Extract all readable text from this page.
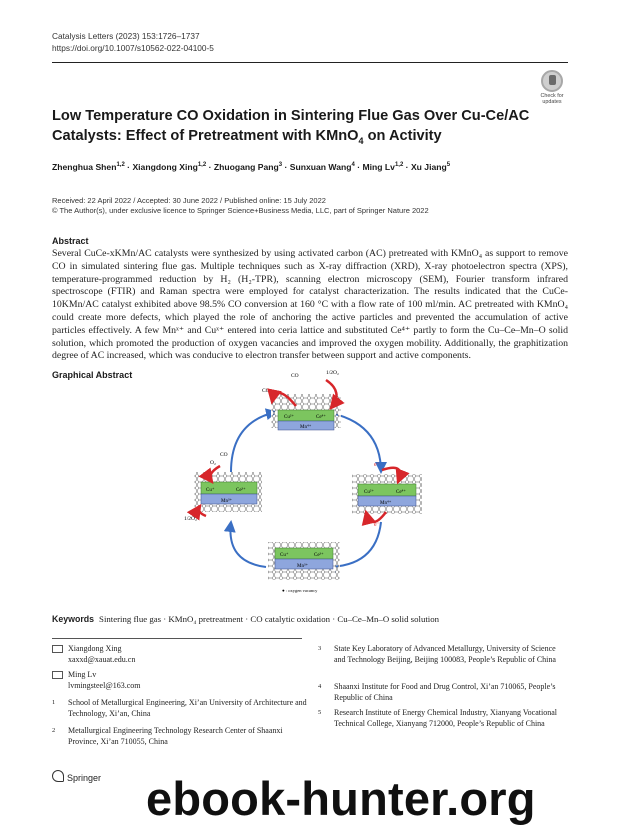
Catalysis Letters (2023) 153:1726–1737
https://doi.org/10.1007/s10562-022-04100-5
Check for updates
Low Temperature CO Oxidation in Sintering Flue Gas Over Cu-Ce/AC Catalysts: Effect of Pretreatment with KMnO$_4$ on Activity
Zhenghua Shen$^{1,2}$ · Xiangdong Xing$^{1,2}$ · Zhuogang Pang$^3$ · Sunxuan Wang$^4$ · Ming Lv$^{1,2}$ · Xu Jiang$^5$
Received: 22 April 2022 / Accepted: 30 June 2022 / Published online: 15 July 2022
© The Author(s), under exclusive licence to Springer Science+Business Media, LLC, part of Springer Nature 2022
Abstract
Several CuCe-xKMn/AC catalysts were synthesized by using activated carbon (AC) pretreated with KMnO₄ as support to remove CO in simulated sintering flue gas. Multiple techniques such as X-ray diffraction (XRD), X-ray photoelectron spectra (XPS), temperature-programmed reduction by H₂ (H₂-TPR), scanning electron microscopy (SEM), Fourier transform infrared spectroscope (FTIR) and Raman spectra were employed for catalyst characterization. The results indicated that the CuCe-10KMn/AC catalyst exhibited above 98.5% CO conversion at 160 °C with a flow rate of 100 ml/min. AC pretreated with KMnO₄ could create more defects, which played the role of anchoring the active particles and prevented the accumulation of active particles effectively. A few Mnˣ⁺ and Cuˣ⁺ entered into ceria lattice and substituted Ce⁴⁺ partly to form the Cu–Ce–Mn–O solid solution, which promoted the production of oxygen vacancies and improved the oxygen mobility. Additionally, the graphitization degree of AC increased, which was conducive to electron transfer between support and active components.
Graphical Abstract
Cu²⁺	Ce⁴⁺
Mn⁴⁺
CO	1/2O₂
CO₂
Cu⁺	Ce³⁺
Mn³⁺
CO
O₂
1/2O₂
Cu²⁺	Ce⁴⁺
Mn⁴⁺
e⁻
e⁻
Cu⁺	Ce³⁺
Mn³⁺
● : oxygen vacancy
Keywords Sintering flue gas · KMnO₄ pretreatment · CO catalytic oxidation · Cu–Ce–Mn–O solid solution
Xiangdong Xing
xaxxd@xauat.edu.cn
Ming Lv
lvmingsteel@163.com
1 School of Metallurgical Engineering, Xi’an University of Architecture and Technology, Xi’an, China
2 Metallurgical Engineering Technology Research Center of Shaanxi Province, Xi’an 710055, China
3 State Key Laboratory of Advanced Metallurgy, University of Science and Technology Beijing, Beijing 100083, People’s Republic of China
4 Shaanxi Institute for Food and Drug Control, Xi’an 710065, People’s Republic of China
5 Research Institute of Energy Chemical Industry, Xianyang Vocational Technical College, Xianyang 712000, People’s Republic of China
Springer ebook-hunter.org
